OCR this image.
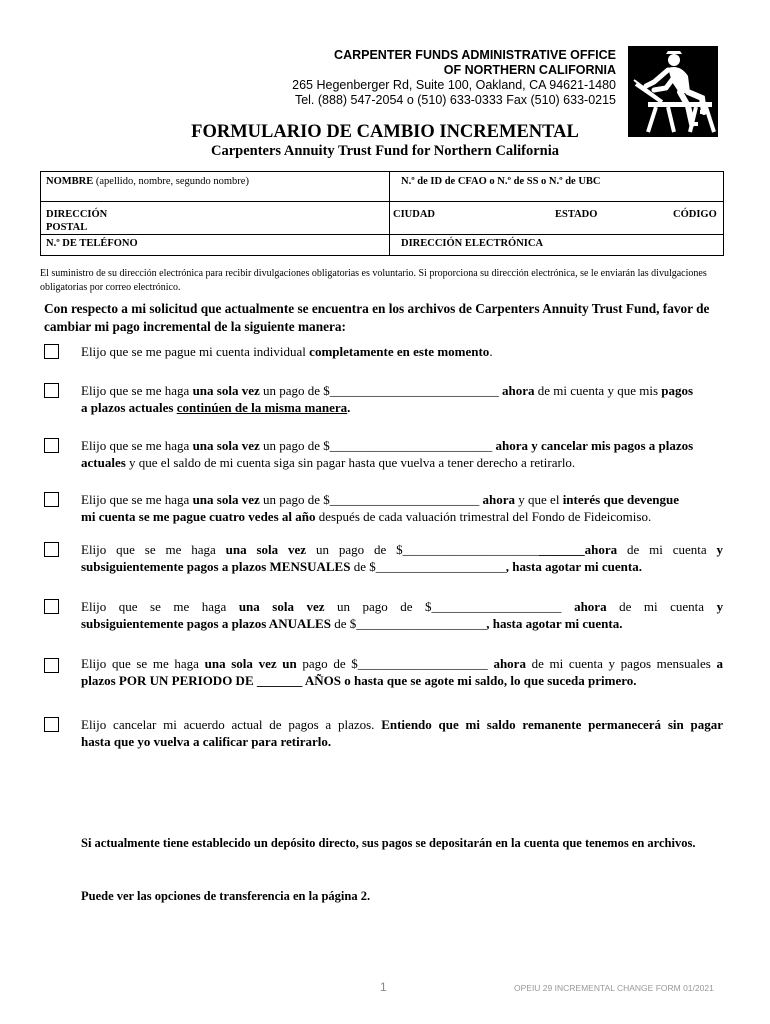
CARPENTER FUNDS ADMINISTRATIVE OFFICE
OF NORTHERN CALIFORNIA
265 Hegenberger Rd, Suite 100, Oakland, CA 94621-1480
Tel. (888) 547-2054 o (510) 633-0333 Fax (510) 633-0215
FORMULARIO DE CAMBIO INCREMENTAL
Carpenters Annuity Trust Fund for Northern California
NOMBRE (apellido, nombre, segundo nombre)	N.º de ID de CFAO o N.º de SS o N.º de UBC
DIRECCIÓN
POSTAL
CIUDAD	ESTADO	CÓDIGO
N.º DE TELÉFONO	DIRECCIÓN ELECTRÓNICA
El suministro de su dirección electrónica para recibir divulgaciones obligatorias es voluntario. Si proporciona su dirección electrónica, se le enviarán las divulgaciones obligatorias por correo electrónico.
Con respecto a mi solicitud que actualmente se encuentra en los archivos de Carpenters Annuity Trust Fund, favor de cambiar mi pago incremental de la siguiente manera:
Elijo que se me pague mi cuenta individual completamente en este momento.
Elijo que se me haga una sola vez un pago de $__________________________ ahora de mi cuenta y que mis pagos
a plazos actuales continúen de la misma manera.
Elijo que se me haga una sola vez un pago de $_________________________ ahora y cancelar mis pagos a plazos
actuales y que el saldo de mi cuenta siga sin pagar hasta que vuelva a tener derecho a retirarlo.
Elijo que se me haga una sola vez un pago de $_______________________ ahora y que el interés que devengue
mi cuenta se me pague cuatro vedes al año después de cada valuación trimestral del Fondo de Fideicomiso.
Elijo que se me haga una sola vez un pago de $____________________________ahora de mi cuenta y
subsiguientemente pagos a plazos MENSUALES de $____________________, hasta agotar mi cuenta.
Elijo que se me haga una sola vez un pago de $____________________ ahora de mi cuenta y
subsiguientemente pagos a plazos ANUALES de $____________________, hasta agotar mi cuenta.
Elijo que se me haga una sola vez un pago de $____________________ ahora de mi cuenta y pagos mensuales a
plazos POR UN PERIODO DE _______ AÑOS o hasta que se agote mi saldo, lo que suceda primero.
Elijo cancelar mi acuerdo actual de pagos a plazos. Entiendo que mi saldo remanente permanecerá sin pagar
hasta que yo vuelva a calificar para retirarlo.
Si actualmente tiene establecido un depósito directo, sus pagos se depositarán en la cuenta que tenemos en archivos.
Puede ver las opciones de transferencia en la página 2.
1	OPEIU 29 INCREMENTAL CHANGE FORM 01/2021
